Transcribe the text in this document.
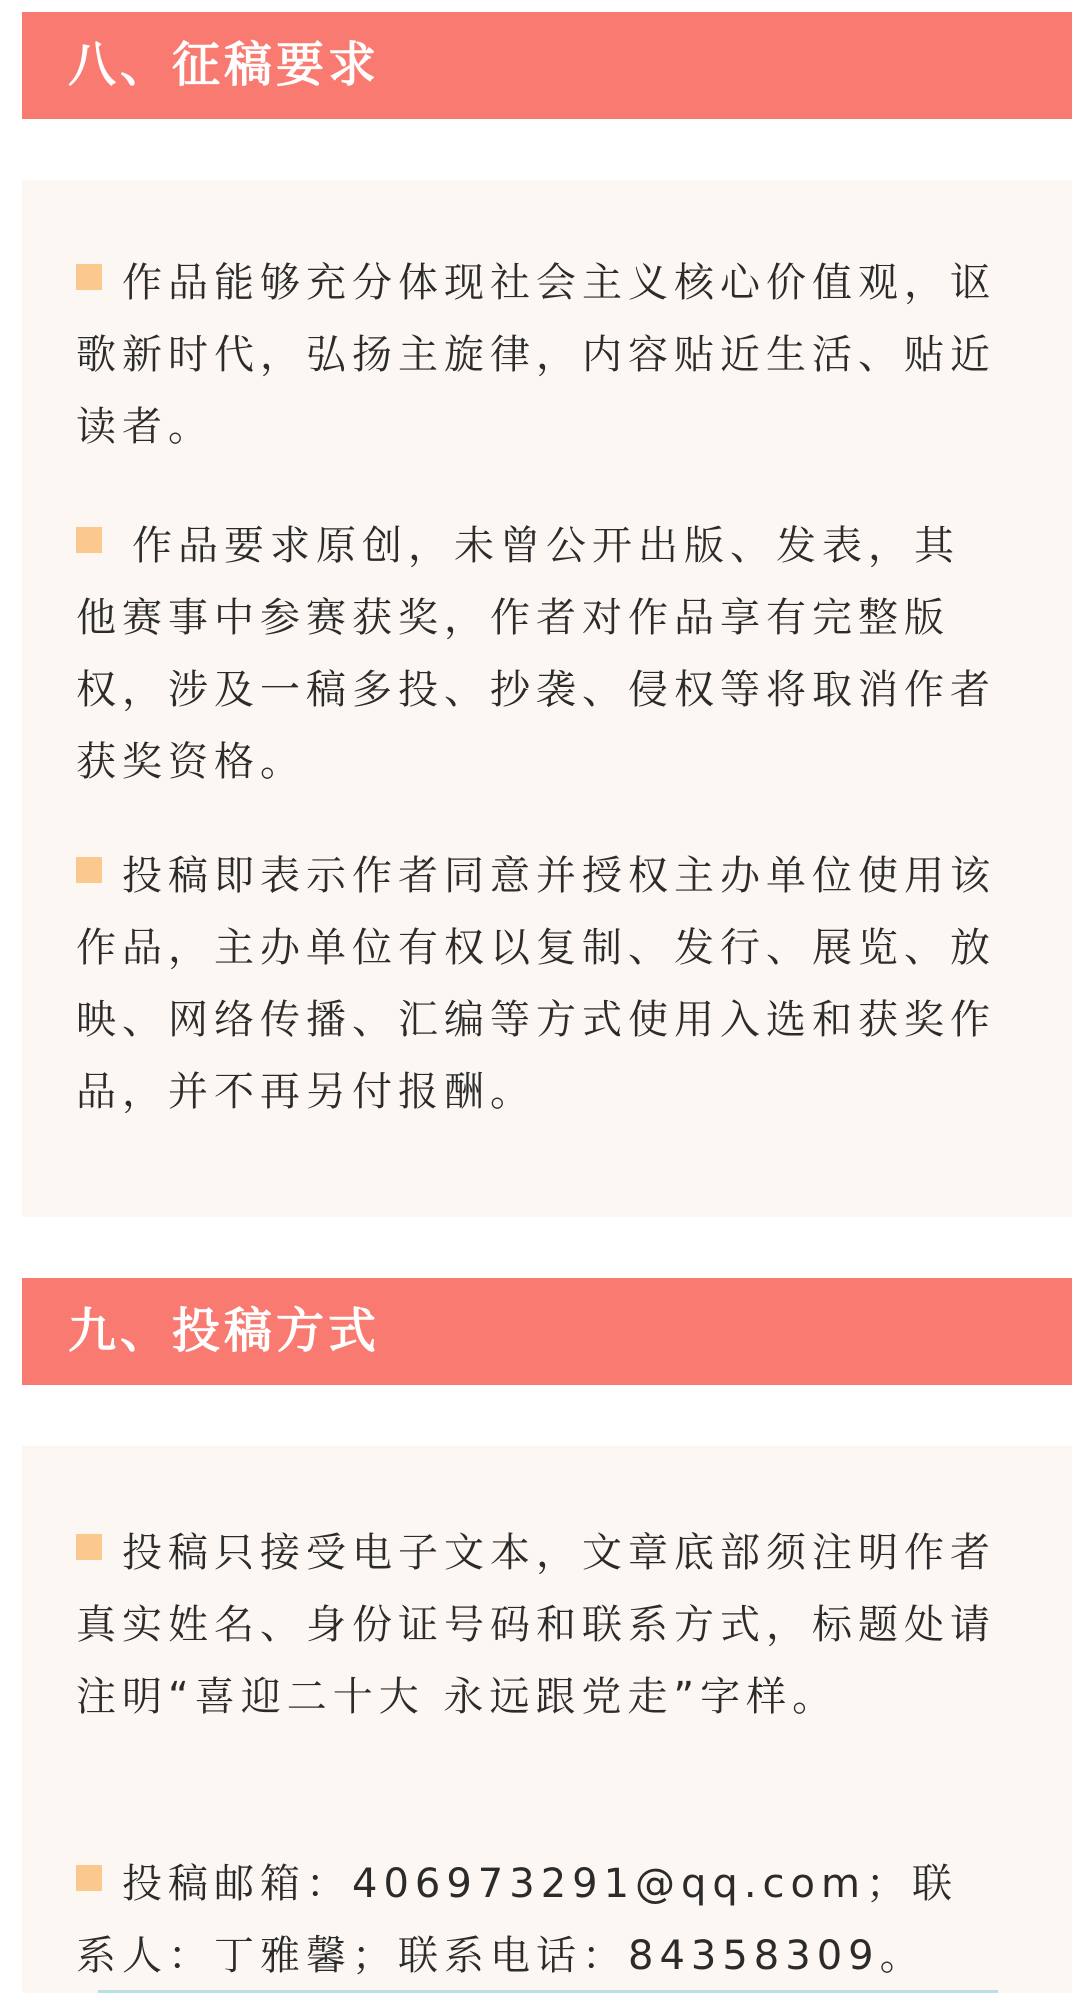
八、征稿要求

作品能够充分体现社会主义核心价值观，讴歌新时代，弘扬主旋律，内容贴近生活、贴近读者。

作品要求原创，未曾公开出版、发表，其他赛事中参赛获奖，作者对作品享有完整版权，涉及一稿多投、抄袭、侵权等将取消作者获奖资格。

投稿即表示作者同意并授权主办单位使用该作品，主办单位有权以复制、发行、展览、放映、网络传播、汇编等方式使用入选和获奖作品，并不再另付报酬。

九、投稿方式

投稿只接受电子文本，文章底部须注明作者真实姓名、身份证号码和联系方式，标题处请注明“喜迎二十大 永远跟党走”字样。

投稿邮箱：406973291@qq.com；联系人：丁雅馨；联系电话：84358309。
